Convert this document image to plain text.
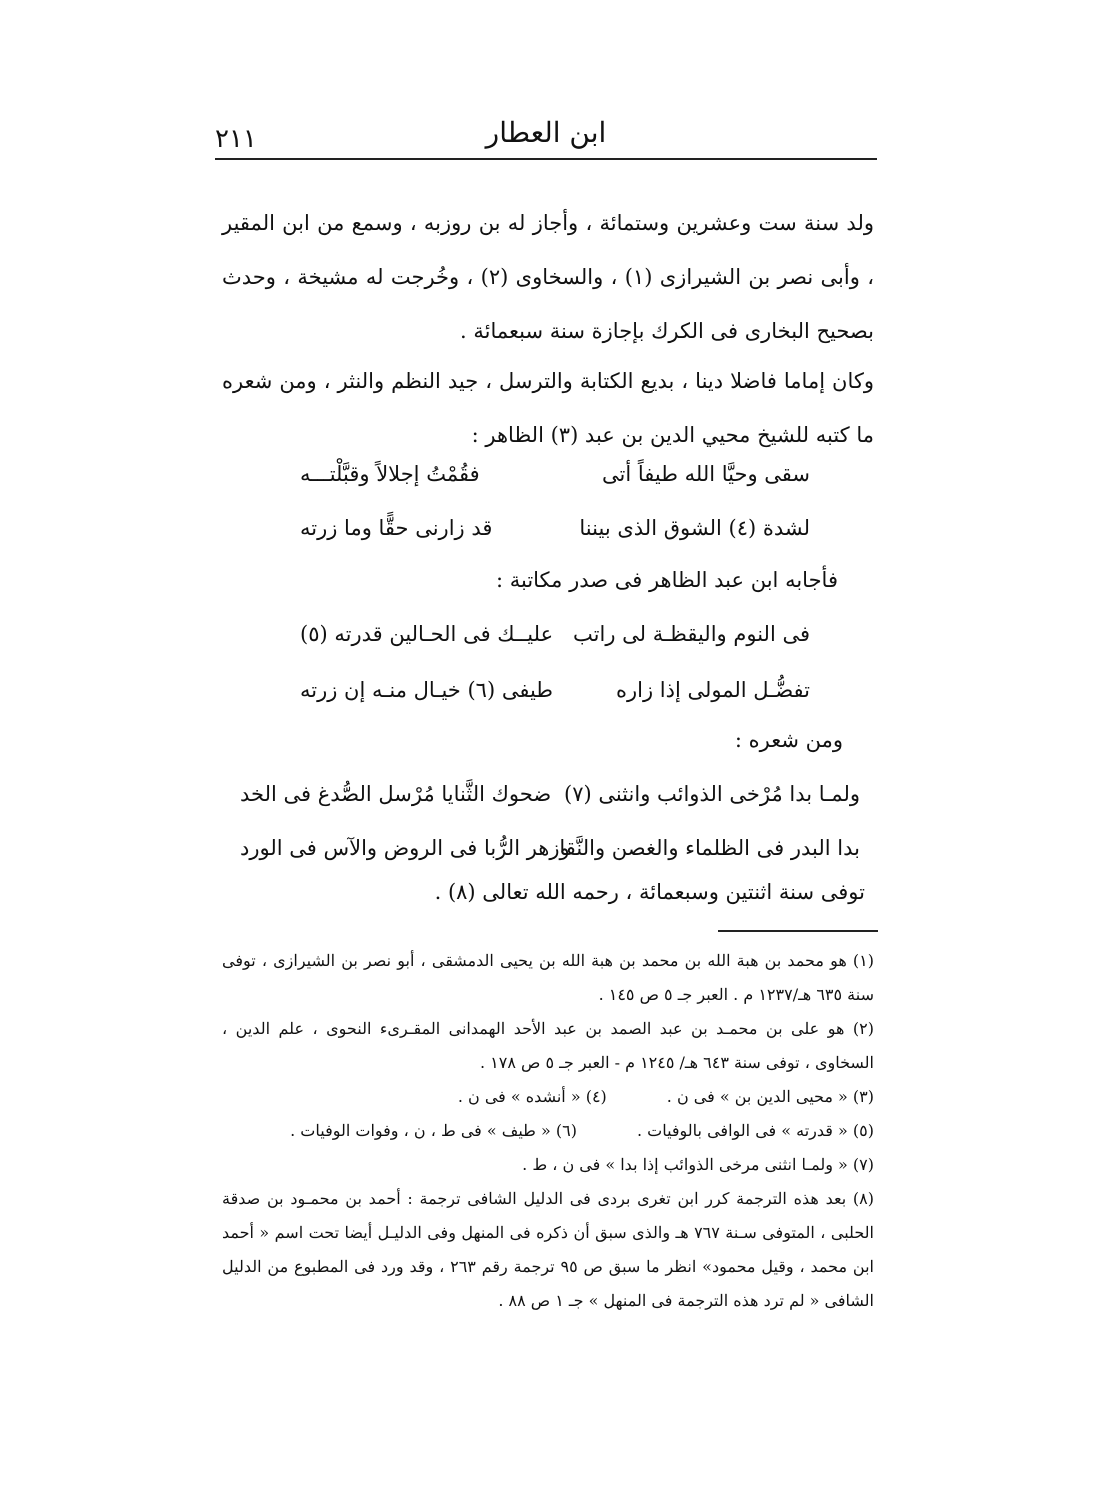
٢١١	ابن العطار

ولد سنة ست وعشرين وستمائة ، وأجاز له بن روزبه ، وسمع من ابن المقير ، وأبى نصر بن الشيرازى (١) ، والسخاوى (٢) ، وخُرجت له مشيخة ، وحدث بصحيح البخارى فى الكرك بإجازة سنة سبعمائة .

وكان إماما فاضلا دينا ، بديع الكتابة والترسل ، جيد النظم والنثر ، ومن شعره ما كتبه للشيخ محيي الدين بن عبد (٣) الظاهر :

سقى وحيَّا الله طيفاً أتى
فقُمْتُ إجلالاً وقبَّلْتـــه
لشدة (٤) الشوق الذى بيننا
قد زارنى حقًّا وما زرته
فأجابه ابن عبد الظاهر فى صدر مكاتبة :
فى النوم واليقظـة لى راتب
عليــك فى الحـالين قدرته (٥)
تفضُّـل المولى إذا زاره
طيفى (٦) خيـال منـه إن زرته
ومن شعره :
ولمـا بدا مُرْخى الذوائب وانثنى (٧)
ضحوك الثَّنايا مُرْسل الصُّدغ فى الخد
بدا البدر فى الظلماء والغصن والنَّقا
وزهر الرُّبا فى الروض والآس فى الورد
توفى سنة اثنتين وسبعمائة ، رحمه الله تعالى (٨) .

(١) هو محمد بن هبة الله بن محمد بن هبة الله بن يحيى الدمشقى ، أبو نصر بن الشيرازى ، توفى سنة ٦٣٥ هـ/١٢٣٧ م . العبر جـ ٥ ص ١٤٥ .

(٢) هو على بن محمـد بن عبد الصمد بن عبد الأحد الهمدانى المقـرىء النحوى ، علم الدين ، السخاوى ، توفى سنة ٦٤٣ هـ/ ١٢٤٥ م - العبر جـ ٥ ص ١٧٨ .

(٣) « محيى الدين بن » فى ن .
(٤) « أنشده » فى ن .
(٥) « قدرته » فى الوافى بالوفيات .
(٦) « طيف » فى ط ، ن ، وفوات الوفيات .

(٧) « ولمـا انثنى مرخى الذوائب إذا بدا » فى ن ، ط .

(٨) بعد هذه الترجمة كرر ابن تغرى بردى فى الدليل الشافى ترجمة : أحمد بن محمـود بن صدقة الحلبى ، المتوفى سـنة ٧٦٧ هـ والذى سبق أن ذكره فى المنهل وفى الدليـل أيضا تحت اسم « أحمد ابن محمد ، وقيل محمود» انظر ما سبق ص ٩٥ ترجمة رقم ٢٦٣ ، وقد ورد فى المطبوع من الدليل الشافى « لم ترد هذه الترجمة فى المنهل » جـ ١ ص ٨٨ .
